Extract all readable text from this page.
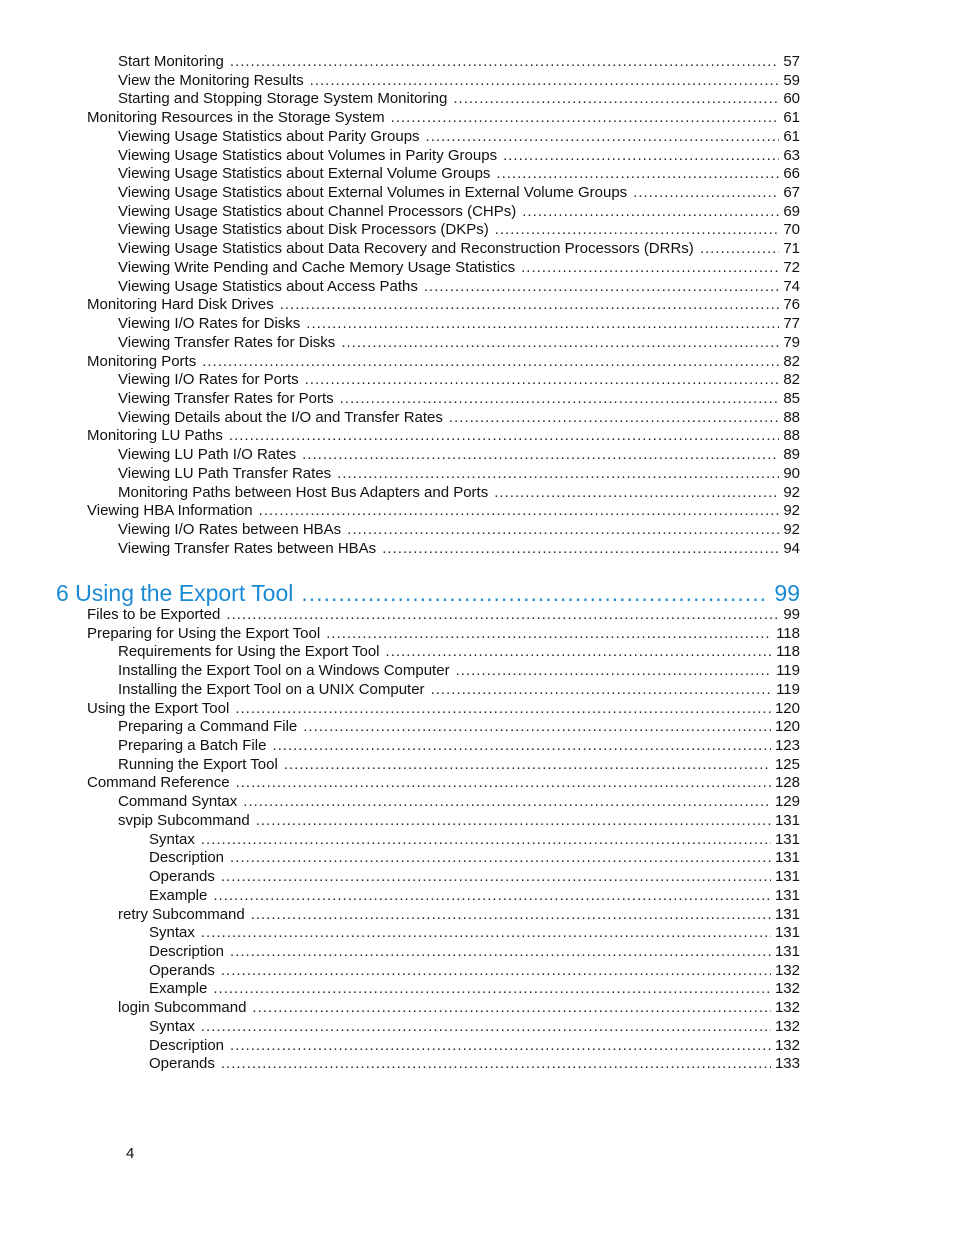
Start Monitoring .....	57
View the Monitoring Results .....	59
Starting and Stopping Storage System Monitoring .....	60
Monitoring Resources in the Storage System .....	61
Viewing Usage Statistics about Parity Groups .....	61
Viewing Usage Statistics about Volumes in Parity Groups .....	63
Viewing Usage Statistics about External Volume Groups .....	66
Viewing Usage Statistics about External Volumes in External Volume Groups .....	67
Viewing Usage Statistics about Channel Processors (CHPs) .....	69
Viewing Usage Statistics about Disk Processors (DKPs) .....	70
Viewing Usage Statistics about Data Recovery and Reconstruction Processors (DRRs) .....	71
Viewing Write Pending and Cache Memory Usage Statistics .....	72
Viewing Usage Statistics about Access Paths .....	74
Monitoring Hard Disk Drives .....	76
Viewing I/O Rates for Disks .....	77
Viewing Transfer Rates for Disks .....	79
Monitoring Ports .....	82
Viewing I/O Rates for Ports .....	82
Viewing Transfer Rates for Ports .....	85
Viewing Details about the I/O and Transfer Rates .....	88
Monitoring LU Paths .....	88
Viewing LU Path I/O Rates .....	89
Viewing LU Path Transfer Rates .....	90
Monitoring Paths between Host Bus Adapters and Ports .....	92
Viewing HBA Information .....	92
Viewing I/O Rates between HBAs .....	92
Viewing Transfer Rates between HBAs .....	94
6 Using the Export Tool .....	99
Files to be Exported .....	99
Preparing for Using the Export Tool .....	118
Requirements for Using the Export Tool .....	118
Installing the Export Tool on a Windows Computer .....	119
Installing the Export Tool on a UNIX Computer .....	119
Using the Export Tool .....	120
Preparing a Command File .....	120
Preparing a Batch File .....	123
Running the Export Tool .....	125
Command Reference .....	128
Command Syntax .....	129
svpip Subcommand .....	131
Syntax .....	131
Description .....	131
Operands .....	131
Example .....	131
retry Subcommand .....	131
Syntax .....	131
Description .....	131
Operands .....	132
Example .....	132
login Subcommand .....	132
Syntax .....	132
Description .....	132
Operands .....	133
4
